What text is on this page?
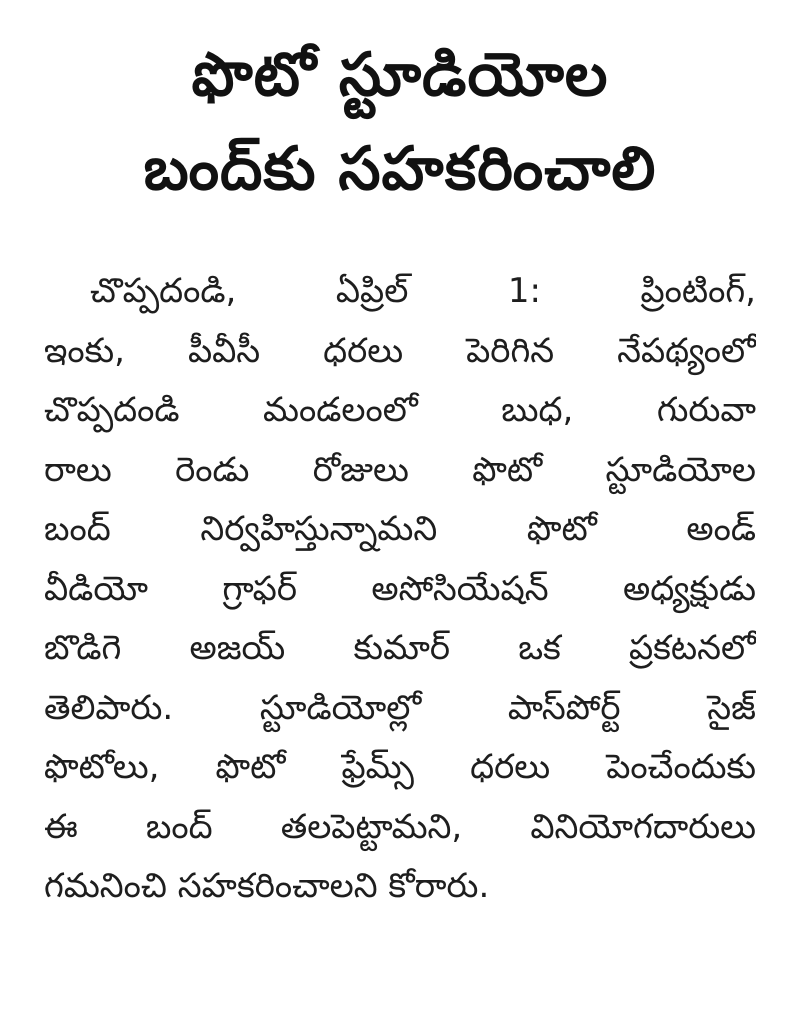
ఫొటో స్టూడియోల
బంద్‌కు సహకరించాలి
చొప్పదండి, ఏప్రిల్ 1: ప్రింటింగ్,
ఇంకు, పీవీసీ ధరలు పెరిగిన నేపథ్యంలో
చొప్పదండి మండలంలో బుధ, గురువా
రాలు రెండు రోజులు ఫొటో స్టూడియోల
బంద్ నిర్వహిస్తున్నామని ఫొటో అండ్
వీడియో గ్రాఫర్ అసోసియేషన్ అధ్యక్షుడు
బొడిగె అజయ్ కుమార్ ఒక ప్రకటనలో
తెలిపారు. స్టూడియోల్లో పాస్‌పోర్ట్ సైజ్
ఫొటోలు, ఫొటో ఫ్రేమ్స్ ధరలు పెంచేందుకు
ఈ బంద్ తలపెట్టామని, వినియోగదారులు
గమనించి సహకరించాలని కోరారు.
